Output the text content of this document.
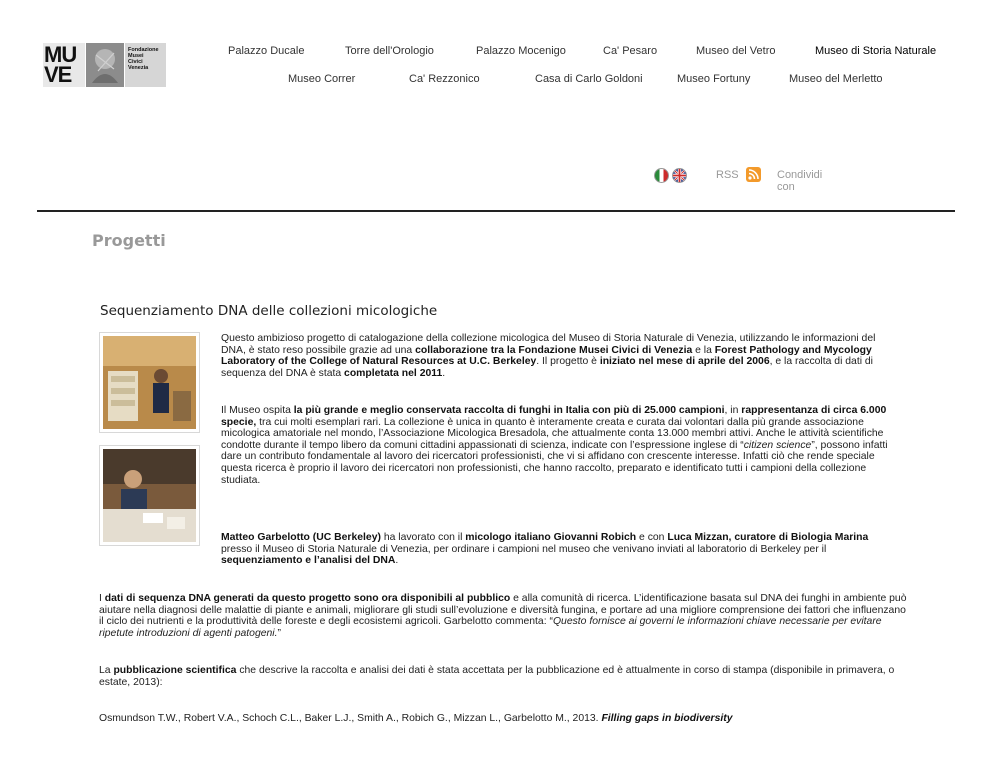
MU
VE
Fondazione
Musei
Civici
Venezia
Palazzo Ducale	Torre dell'Orologio	Palazzo Mocenigo	Ca' Pesaro	Museo del Vetro	Museo di Storia Naturale
Museo Correr	Ca' Rezzonico	Casa di Carlo Goldoni	Museo Fortuny	Museo del Merletto
RSS	Condividi con
Progetti
Sequenziamento DNA delle collezioni micologiche

Questo ambizioso progetto di catalogazione della collezione micologica del Museo di Storia Naturale di Venezia, utilizzando le informazioni del DNA, è stato reso possibile grazie ad una collaborazione tra la Fondazione Musei Civici di Venezia e la Forest Pathology and Mycology Laboratory of the College of Natural Resources at U.C. Berkeley. Il progetto è iniziato nel mese di aprile del 2006, e la raccolta di dati di sequenza del DNA è stata completata nel 2011.

Il Museo ospita la più grande e meglio conservata raccolta di funghi in Italia con più di 25.000 campioni, in rappresentanza di circa 6.000 specie, tra cui molti esemplari rari. La collezione è unica in quanto è interamente creata e curata dai volontari dalla più grande associazione micologica amatoriale nel mondo, l’Associazione Micologica Bresadola, che attualmente conta 13.000 membri attivi. Anche le attività scientifiche condotte durante il tempo libero da comuni cittadini appassionati di scienza, indicate con l’espressione inglese di “citizen science”, possono infatti dare un contributo fondamentale al lavoro dei ricercatori professionisti, che vi si affidano con crescente interesse. Infatti ciò che rende speciale questa ricerca è proprio il lavoro dei ricercatori non professionisti, che hanno raccolto, preparato e identificato tutti i campioni della collezione studiata.

Matteo Garbelotto (UC Berkeley) ha lavorato con il micologo italiano Giovanni Robich e con Luca Mizzan, curatore di Biologia Marina presso il Museo di Storia Naturale di Venezia, per ordinare i campioni nel museo che venivano inviati al laboratorio di Berkeley per il sequenziamento e l’analisi del DNA.

I dati di sequenza DNA generati da questo progetto sono ora disponibili al pubblico e alla comunità di ricerca. L’identificazione basata sul DNA dei funghi in ambiente può aiutare nella diagnosi delle malattie di piante e animali, migliorare gli studi sull’evoluzione e diversità fungina, e portare ad una migliore comprensione dei fattori che influenzano il ciclo dei nutrienti e la produttività delle foreste e degli ecosistemi agricoli. Garbelotto commenta: “Questo fornisce ai governi le informazioni chiave necessarie per evitare ripetute introduzioni di agenti patogeni.”

La pubblicazione scientifica che descrive la raccolta e analisi dei dati è stata accettata per la pubblicazione ed è attualmente in corso di stampa (disponibile in primavera, o estate, 2013):

Osmundson T.W., Robert V.A., Schoch C.L., Baker L.J., Smith A., Robich G., Mizzan L., Garbelotto M., 2013. Filling gaps in biodiversity
